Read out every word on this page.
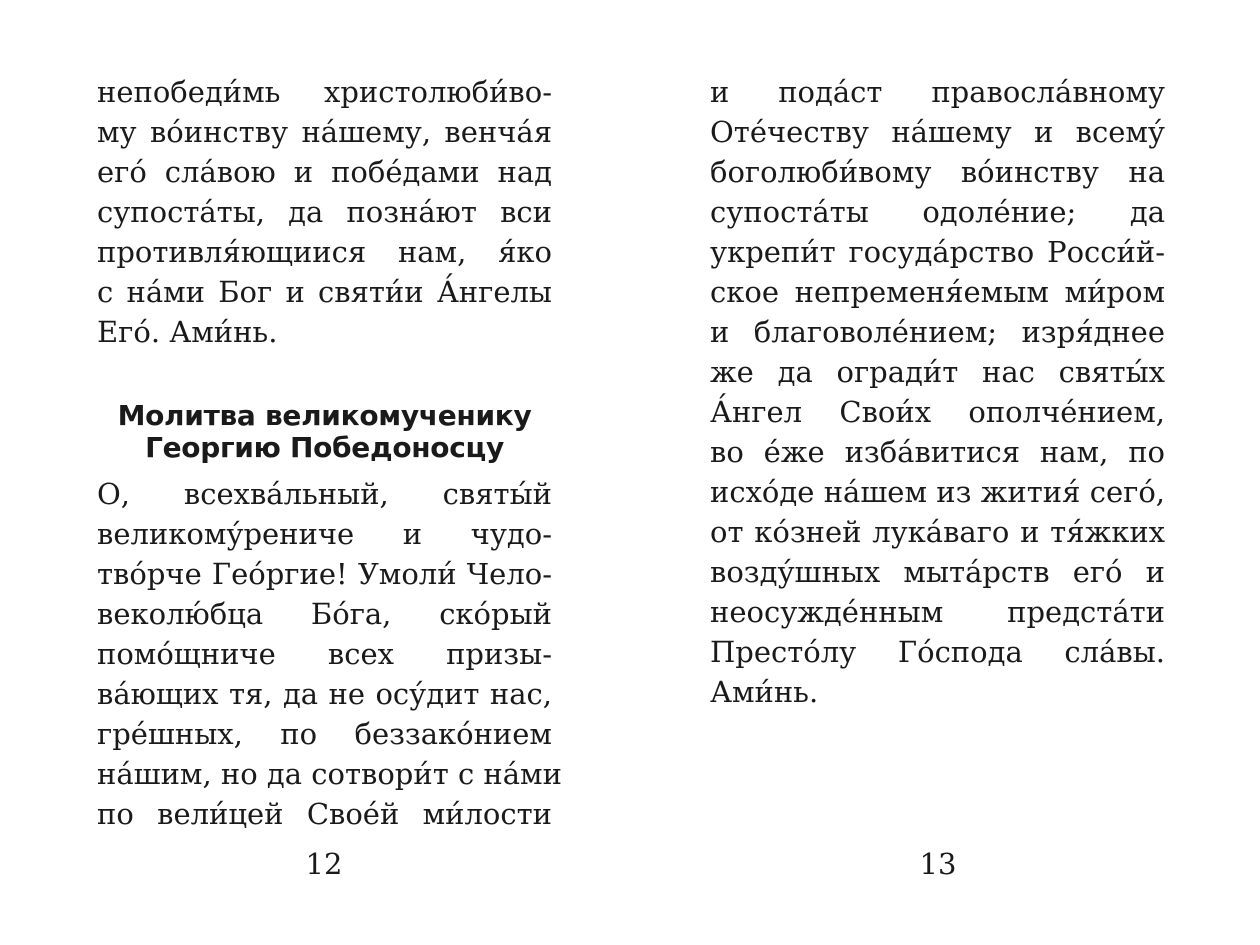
непобеди́мь христолюби́во-
му во́инству на́шему, венча́я
его́ сла́вою и побе́дами над
супоста́ты, да позна́ют вси
противля́ющиися нам, я́ко
с на́ми Бог и святи́и А́нгелы
Его́. Ами́нь.
Молитва великомученику
Георгию Победоносцу
О, всехва́льный, святы́й
великому́рениче и чудо-
тво́рче Гео́ргие! Умоли́ Чело-
веколю́бца Бо́га, ско́рый
помо́щниче всех призы-
ва́ющих тя, да не осу́дит нас,
гре́шных, по беззако́нием
на́шим, но да сотвори́т с на́ми
по вели́цей Свое́й ми́лости
12
и пода́ст правосла́вному
Оте́честву на́шему и всему́
боголюби́вому во́инству на
супоста́ты одоле́ние; да
укрепи́т госуда́рство Росси́й-
ское непременя́емым ми́ром
и благоволе́нием; изря́днее
же да огради́т нас святы́х
А́нгел Свои́х ополче́нием,
во е́же изба́витися нам, по
исхо́де на́шем из жития́ сего́,
от ко́зней лука́ваго и тя́жких
возду́шных мыта́рств его́ и
неосужде́нным предста́ти
Престо́лу Го́спода сла́вы.
Ами́нь.
13
